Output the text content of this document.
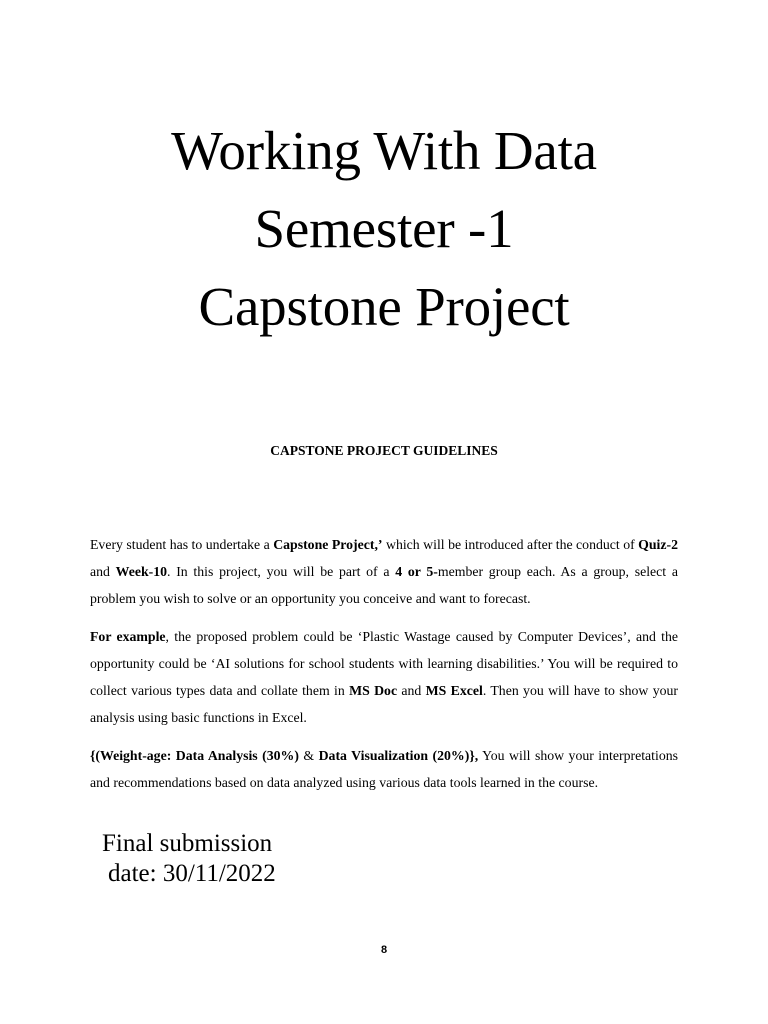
Working With Data
Semester -1
Capstone Project
CAPSTONE PROJECT GUIDELINES

Every student has to undertake a Capstone Project,’ which will be introduced after the conduct of Quiz-2 and Week-10. In this project, you will be part of a 4 or 5-member group each. As a group, select a problem you wish to solve or an opportunity you conceive and want to forecast.

For example, the proposed problem could be ‘Plastic Wastage caused by Computer Devices’, and the opportunity could be ‘AI solutions for school students with learning disabilities.’ You will be required to collect various types data and collate them in MS Doc and MS Excel. Then you will have to show your analysis using basic functions in Excel.

{(Weight-age: Data Analysis (30%) & Data Visualization (20%)}, You will show your interpretations and recommendations based on data analyzed using various data tools learned in the course.

Final submission
date: 30/11/2022
8
